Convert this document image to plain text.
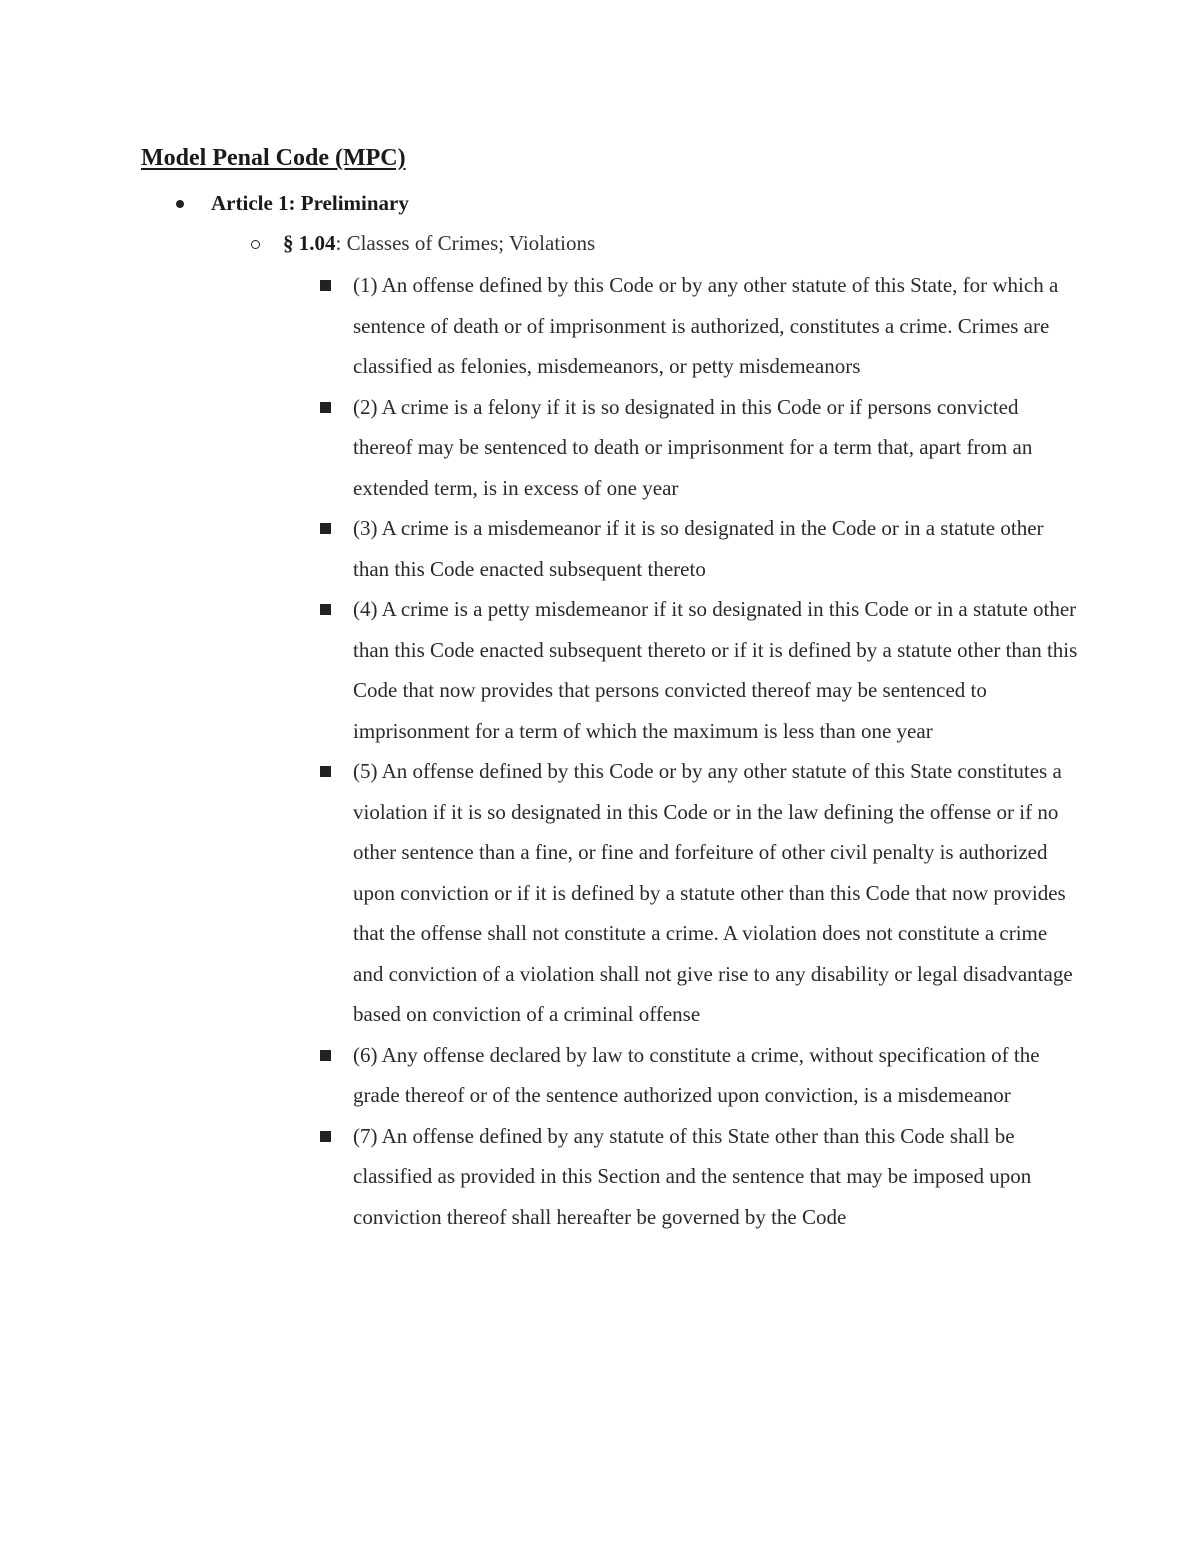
Model Penal Code (MPC)
Article 1: Preliminary
§ 1.04 : Classes of Crimes; Violations
(1) An offense defined by this Code or by any other statute of this State, for which a sentence of death or of imprisonment is authorized, constitutes a crime. Crimes are classified as felonies, misdemeanors, or petty misdemeanors
(2) A crime is a felony if it is so designated in this Code or if persons convicted thereof may be sentenced to death or imprisonment for a term that, apart from an extended term, is in excess of one year
(3) A crime is a misdemeanor if it is so designated in the Code or in a statute other than this Code enacted subsequent thereto
(4) A crime is a petty misdemeanor if it so designated in this Code or in a statute other than this Code enacted subsequent thereto or if it is defined by a statute other than this Code that now provides that persons convicted thereof may be sentenced to imprisonment for a term of which the maximum is less than one year
(5) An offense defined by this Code or by any other statute of this State constitutes a violation if it is so designated in this Code or in the law defining the offense or if no other sentence than a fine, or fine and forfeiture of other civil penalty is authorized upon conviction or if it is defined by a statute other than this Code that now provides that the offense shall not constitute a crime. A violation does not constitute a crime and conviction of a violation shall not give rise to any disability or legal disadvantage based on conviction of a criminal offense
(6) Any offense declared by law to constitute a crime, without specification of the grade thereof or of the sentence authorized upon conviction, is a misdemeanor
(7) An offense defined by any statute of this State other than this Code shall be classified as provided in this Section and the sentence that may be imposed upon conviction thereof shall hereafter be governed by the Code
